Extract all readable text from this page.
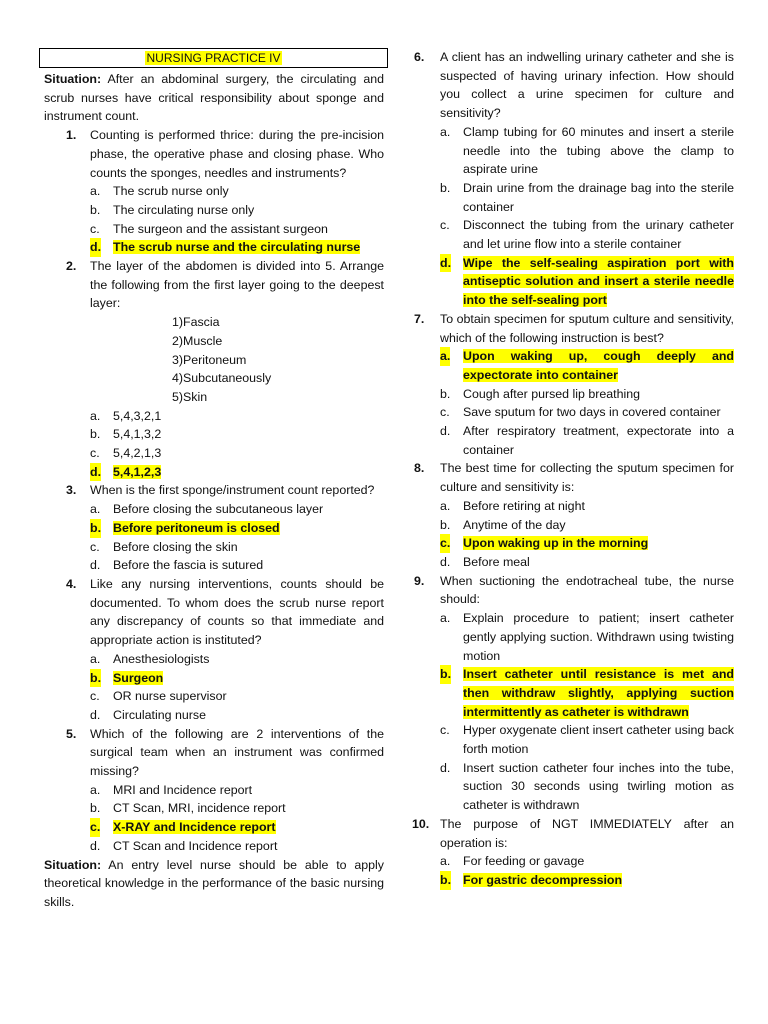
NURSING PRACTICE IV
Situation: After an abdominal surgery, the circulating and scrub nurses have critical responsibility about sponge and instrument count.
1. Counting is performed thrice: during the pre-incision phase, the operative phase and closing phase. Who counts the sponges, needles and instruments?
a. The scrub nurse only
b. The circulating nurse only
c. The surgeon and the assistant surgeon
d. The scrub nurse and the circulating nurse
2. The layer of the abdomen is divided into 5. Arrange the following from the first layer going to the deepest layer:
1)Fascia
2)Muscle
3)Peritoneum
4)Subcutaneously
5)Skin
a. 5,4,3,2,1
b. 5,4,1,3,2
c. 5,4,2,1,3
d. 5,4,1,2,3
3. When is the first sponge/instrument count reported?
a. Before closing the subcutaneous layer
b. Before peritoneum is closed
c. Before closing the skin
d. Before the fascia is sutured
4. Like any nursing interventions, counts should be documented. To whom does the scrub nurse report any discrepancy of counts so that immediate and appropriate action is instituted?
a. Anesthesiologists
b. Surgeon
c. OR nurse supervisor
d. Circulating nurse
5. Which of the following are 2 interventions of the surgical team when an instrument was confirmed missing?
a. MRI and Incidence report
b. CT Scan, MRI, incidence report
c. X-RAY and Incidence report
d. CT Scan and Incidence report
Situation: An entry level nurse should be able to apply theoretical knowledge in the performance of the basic nursing skills.
6. A client has an indwelling urinary catheter and she is suspected of having urinary infection. How should you collect a urine specimen for culture and sensitivity?
a. Clamp tubing for 60 minutes and insert a sterile needle into the tubing above the clamp to aspirate urine
b. Drain urine from the drainage bag into the sterile container
c. Disconnect the tubing from the urinary catheter and let urine flow into a sterile container
d. Wipe the self-sealing aspiration port with antiseptic solution and insert a sterile needle into the self-sealing port
7. To obtain specimen for sputum culture and sensitivity, which of the following instruction is best?
a. Upon waking up, cough deeply and expectorate into container
b. Cough after pursed lip breathing
c. Save sputum for two days in covered container
d. After respiratory treatment, expectorate into a container
8. The best time for collecting the sputum specimen for culture and sensitivity is:
a. Before retiring at night
b. Anytime of the day
c. Upon waking up in the morning
d. Before meal
9. When suctioning the endotracheal tube, the nurse should:
a. Explain procedure to patient; insert catheter gently applying suction. Withdrawn using twisting motion
b. Insert catheter until resistance is met and then withdraw slightly, applying suction intermittently as catheter is withdrawn
c. Hyper oxygenate client insert catheter using back forth motion
d. Insert suction catheter four inches into the tube, suction 30 seconds using twirling motion as catheter is withdrawn
10. The purpose of NGT IMMEDIATELY after an operation is:
a. For feeding or gavage
b. For gastric decompression
